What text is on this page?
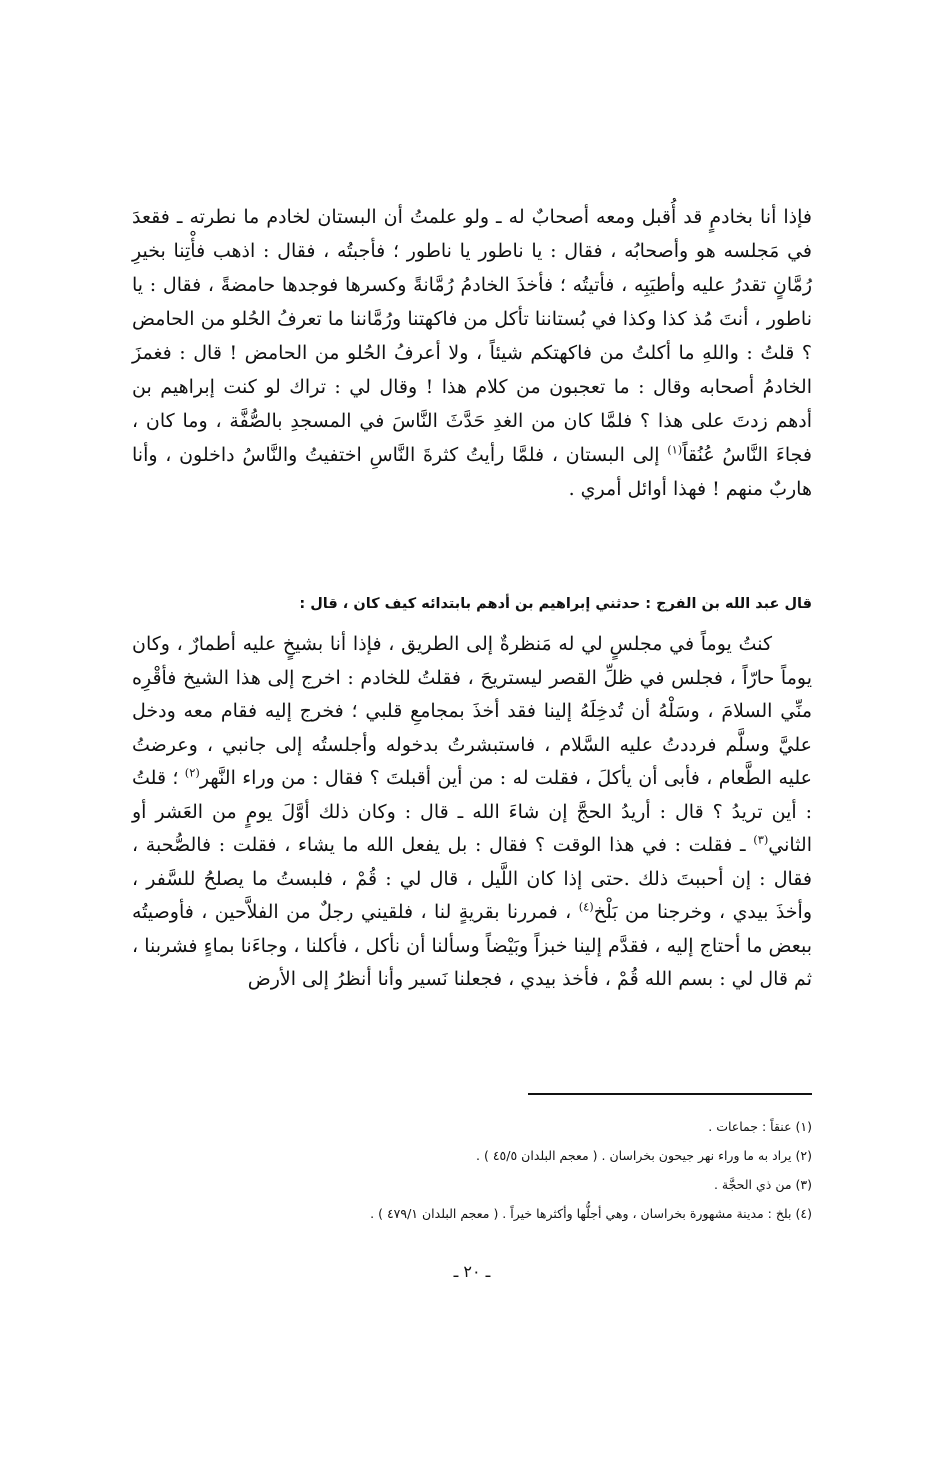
فإذا أنا بخادمٍ قد أُقبل ومعه أصحابٌ له ـ ولو علمتُ أن البستان لخادم ما نطرته ـ فقعدَ في مَجلسه هو وأصحابُه ، فقال : يا ناطور يا ناطور ؛ فأجبتُه ، فقال : اذهب فأْتِنا بخيرِ رُمَّانٍ تقدرُ عليه وأطيَبِه ، فأتيتُه ؛ فأخذَ الخادمُ رُمَّانةً وكسرها فوجدها حامضةً ، فقال : يا ناطور ، أنتَ مُذ كذا وكذا في بُستاننا تأكل من فاكهتنا ورُمَّاننا ما تعرفُ الحُلو من الحامض ؟ قلتُ : واللهِ ما أكلتُ من فاكهتكم شيئاً ، ولا أعرفُ الحُلو من الحامض ! قال : فغمزَ الخادمُ أصحابه وقال : ما تعجبون من كلام هذا ! وقال لي : تراك لو كنت إبراهيم بن أدهم زدتَ على هذا ؟ فلمَّا كان من الغدِ حَدَّثَ النَّاسَ في المسجدِ بالصُّفَّة ، وما كان ، فجاءَ النَّاسُ عُنُقاً$^{(١)}$ إلى البستان ، فلمَّا رأيتُ كثرةَ النَّاسِ اختفيتُ والنَّاسُ داخلون ، وأنا هاربٌ منهم ! فهذا أوائل أمري .

قال عبد الله بن الفرج : حدثني إبراهيم بن أدهم بابتدائه كيف كان ، قال :

كنتُ يوماً في مجلسٍ لي له مَنظرةٌ إلى الطريق ، فإذا أنا بشيخٍ عليه أطمارٌ ، وكان يوماً حارّاً ، فجلس في ظلِّ القصر ليستريحَ ، فقلتُ للخادم : اخرج إلى هذا الشيخ فأقْرِه منِّي السلامَ ، وسَلْهُ أن تُدخِلَهُ إلينا فقد أخذَ بمجامعِ قلبي ؛ فخرج إليه فقام معه ودخل عليَّ وسلَّم فرددتُ عليه السَّلام ، فاستبشرتُ بدخوله وأجلستُه إلى جانبي ، وعرضتُ عليه الطَّعام ، فأبى أن يأكلَ ، فقلت له : من أين أقبلتَ ؟ فقال : من وراء النَّهر$^{(٢)}$ ؛ قلتُ : أين تريدُ ؟ قال : أريدُ الحجَّ إن شاءَ الله ـ قال : وكان ذلك أوَّلَ يومٍ من العَشر أو الثاني$^{(٣)}$ ـ فقلت : في هذا الوقت ؟ فقال : بل يفعل الله ما يشاء ، فقلت : فالصُّحبة ، فقال : إن أحببتَ ذلك .حتى إذا كان اللَّيل ، قال لي : قُمْ ، فلبستُ ما يصلحُ للسَّفر ، وأخذَ بيدي ، وخرجنا من بَلْخ$^{(٤)}$ ، فمررنا بقريةٍ لنا ، فلقيني رجلٌ من الفلاَّحين ، فأوصيتُه ببعض ما أحتاج إليه ، فقدَّم إلينا خبزاً وبَيْضاً وسألنا أن نأكل ، فأكلنا ، وجاءَنا بماءٍ فشربنا ، ثم قال لي : بسم الله قُمْ ، فأخذ بيدي ، فجعلنا نَسير وأنا أنظرُ إلى الأرض

(١) عنقاً : جماعات .
(٢) يراد به ما وراء نهر جيحون بخراسان . ( معجم البلدان ٤٥/٥ ) .
(٣) من ذي الحجَّة .
(٤) بلخ : مدينة مشهورة بخراسان ، وهي أجلُّها وأكثرها خيراً . ( معجم البلدان ٤٧٩/١ ) .
ـ ٢٠ ـ
